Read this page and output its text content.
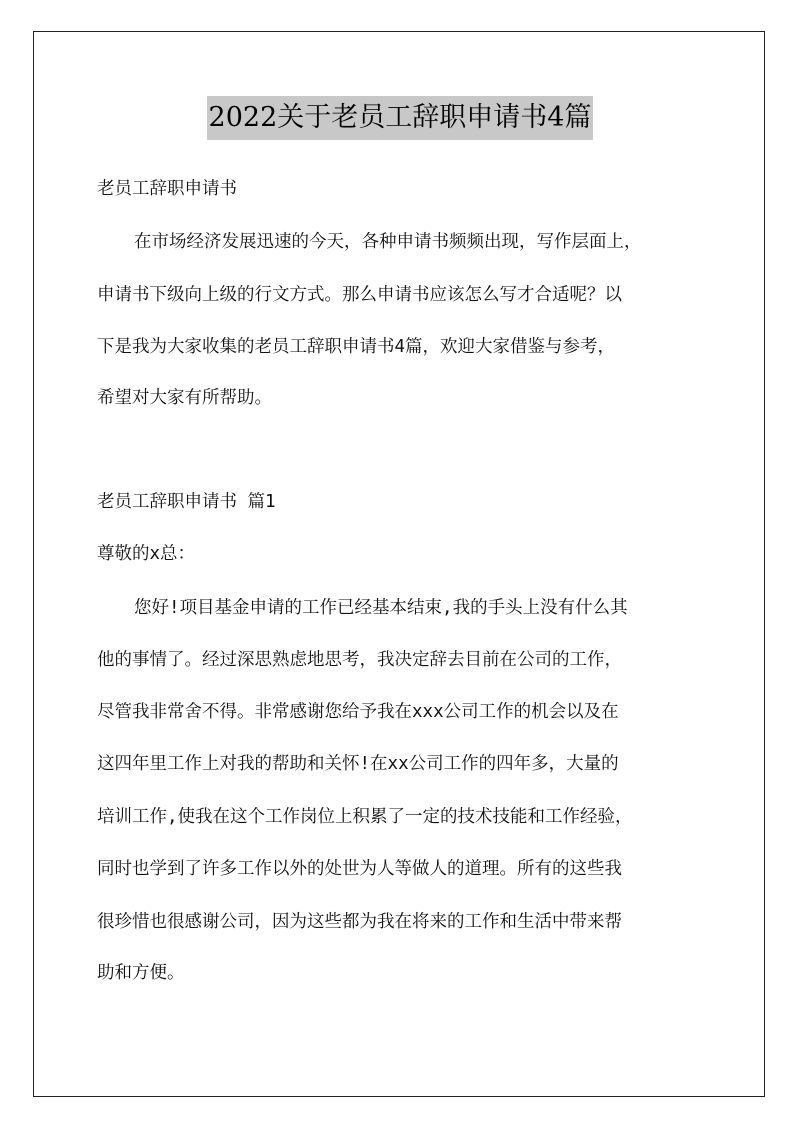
2022关于老员工辞职申请书4篇
老员工辞职申请书
在市场经济发展迅速的今天，各种申请书频频出现，写作层面上，
申请书下级向上级的行文方式。那么申请书应该怎么写才合适呢？以
下是我为大家收集的老员工辞职申请书4篇，欢迎大家借鉴与参考，
希望对大家有所帮助。
老员工辞职申请书 篇1
尊敬的x总：
您好!项目基金申请的工作已经基本结束,我的手头上没有什么其
他的事情了。经过深思熟虑地思考，我决定辞去目前在公司的工作，
尽管我非常舍不得。非常感谢您给予我在xxx公司工作的机会以及在
这四年里工作上对我的帮助和关怀!在xx公司工作的四年多，大量的
培训工作,使我在这个工作岗位上积累了一定的技术技能和工作经验，
同时也学到了许多工作以外的处世为人等做人的道理。所有的这些我
很珍惜也很感谢公司，因为这些都为我在将来的工作和生活中带来帮
助和方便。
